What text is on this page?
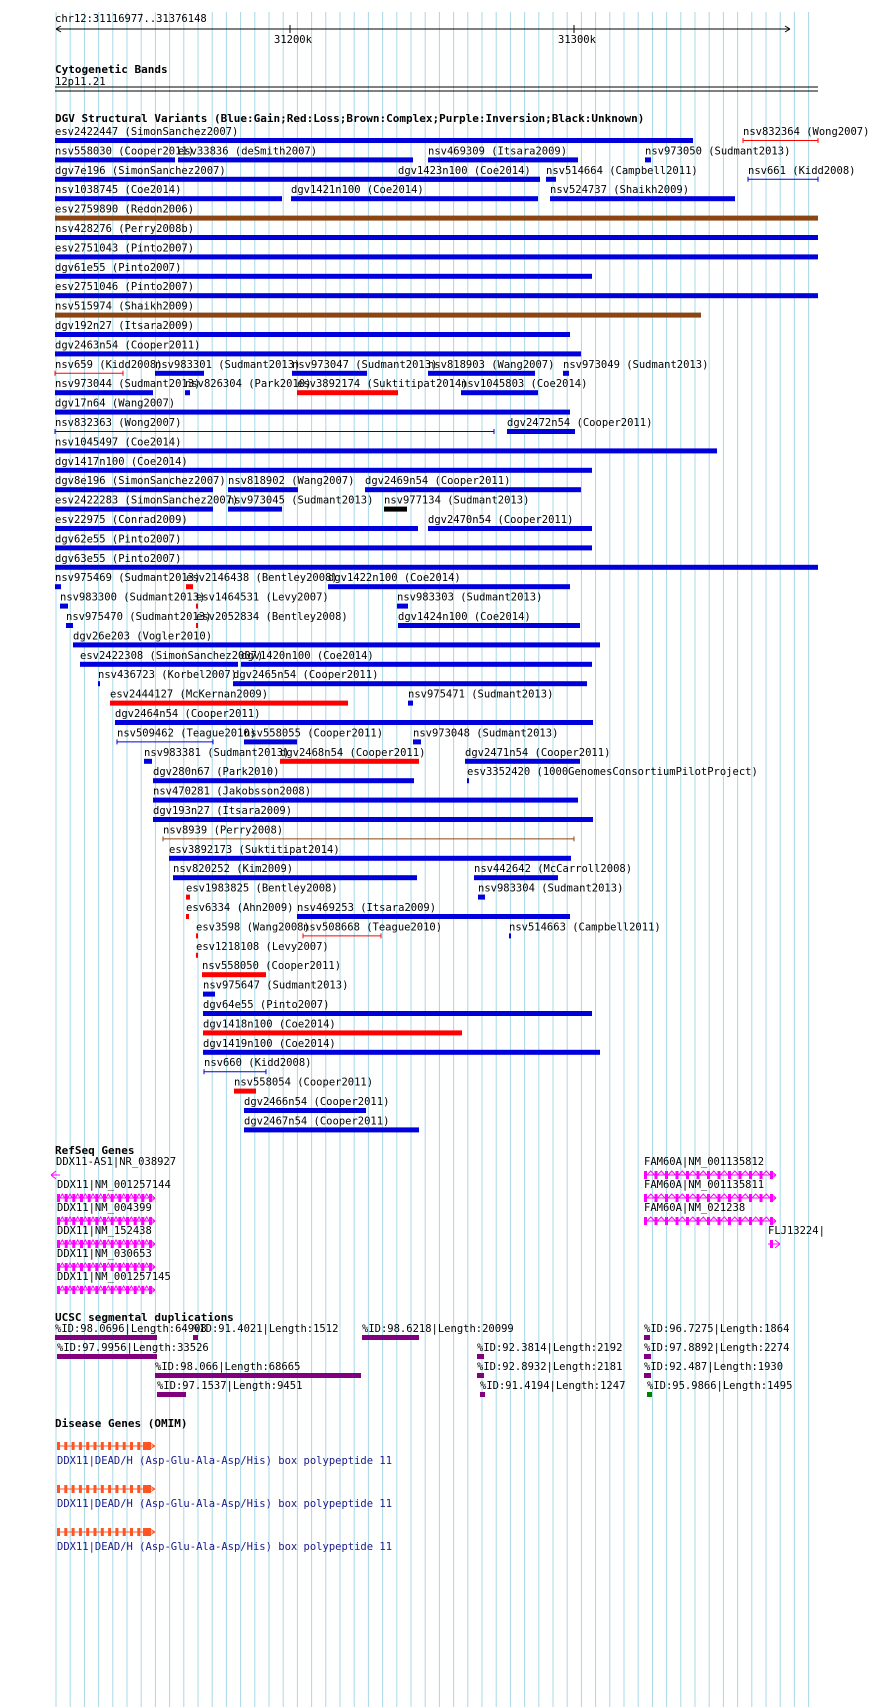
chr12:31116977..31376148
31200k	31300k
Cytogenetic Bands
12p11.21
DGV Structural Variants (Blue:Gain;Red:Loss;Brown:Complex;Purple:Inversion;Black:Unknown)
esv2422447 (SimonSanchez2007)	nsv832364 (Wong2007)
nsv558030 (Cooper2011)
esv33836 (deSmith2007)	nsv469309 (Itsara2009)	nsv973050 (Sudmant2013)
dgv7e196 (SimonSanchez2007)	dgv1423n100 (Coe2014) nsv514664 (Campbell2011)	nsv661 (Kidd2008)
nsv1038745 (Coe2014)	dgv1421n100 (Coe2014)	nsv524737 (Shaikh2009)
esv2759890 (Redon2006)
nsv428276 (Perry2008b)
esv2751043 (Pinto2007)
dgv61e55 (Pinto2007)
esv2751046 (Pinto2007)
nsv515974 (Shaikh2009)
dgv192n27 (Itsara2009)
dgv2463n54 (Cooper2011)
nsv659 (Kidd2008)
nsv983301 (Sudmant2013)
nsv973047 (Sudmant2013)
nsv818903 (Wang2007) nsv973049 (Sudmant2013)
nsv973044 (Sudmant2013)
nsv826304 (Park2010)
esv3892174 (Suktitipat2014)
nsv1045803 (Coe2014)
dgv17n64 (Wang2007)
nsv832363 (Wong2007)	dgv2472n54 (Cooper2011)
nsv1045497 (Coe2014)
dgv1417n100 (Coe2014)
dgv8e196 (SimonSanchez2007) nsv818902 (Wang2007) dgv2469n54 (Cooper2011)
esv2422283 (SimonSanchez2007)
nsv973045 (Sudmant2013) nsv977134 (Sudmant2013)
esv22975 (Conrad2009)	dgv2470n54 (Cooper2011)
dgv62e55 (Pinto2007)
dgv63e55 (Pinto2007)
nsv975469 (Sudmant2013)
esv2146438 (Bentley2008)
dgv1422n100 (Coe2014)
nsv983300 (Sudmant2013)
esv1464531 (Levy2007)	nsv983303 (Sudmant2013)
nsv975470 (Sudmant2013)
esv2052834 (Bentley2008)	dgv1424n100 (Coe2014)
dgv26e203 (Vogler2010)
esv2422308 (SimonSanchez2007)
dgv1420n100 (Coe2014)
nsv436723 (Korbel2007)
dgv2465n54 (Cooper2011)
esv2444127 (McKernan2009)	nsv975471 (Sudmant2013)
dgv2464n54 (Cooper2011)
nsv509462 (Teague2010)
nsv558055 (Cooper2011)	nsv973048 (Sudmant2013)
nsv983381 (Sudmant2013)
dgv2468n54 (Cooper2011)	dgv2471n54 (Cooper2011)
dgv280n67 (Park2010)	esv3352420 (1000GenomesConsortiumPilotProject)
nsv470281 (Jakobsson2008)
dgv193n27 (Itsara2009)
nsv8939 (Perry2008)
esv3892173 (Suktitipat2014)
nsv820252 (Kim2009)	nsv442642 (McCarroll2008)
esv1983825 (Bentley2008)	nsv983304 (Sudmant2013)
esv6334 (Ahn2009) nsv469253 (Itsara2009)
esv3598 (Wang2008)
nsv508668 (Teague2010)	nsv514663 (Campbell2011)
esv1218108 (Levy2007)
nsv558050 (Cooper2011)
nsv975647 (Sudmant2013)
dgv64e55 (Pinto2007)
dgv1418n100 (Coe2014)
dgv1419n100 (Coe2014)
nsv660 (Kidd2008)
nsv558054 (Cooper2011)
dgv2466n54 (Cooper2011)
dgv2467n54 (Cooper2011)
RefSeq Genes
DDX11-AS1|NR_038927
DDX11|NM_001257144
DDX11|NM_004399
DDX11|NM_152438
DDX11|NM_030653
DDX11|NM_001257145
FAM60A|NM_001135812
FAM60A|NM_001135811
FAM60A|NM_021238
FLJ13224|
UCSC segmental duplications
%ID:98.0696|Length:64908
%ID:91.4021|Length:1512 %ID:98.6218|Length:20099	%ID:96.7275|Length:1864
%ID:97.9956|Length:33526	%ID:92.3814|Length:2192 %ID:97.8892|Length:2274
%ID:98.066|Length:68665	%ID:92.8932|Length:2181 %ID:92.487|Length:1930
%ID:97.1537|Length:9451	%ID:91.4194|Length:1247 %ID:95.9866|Length:1495
Disease Genes (OMIM)
DDX11|DEAD/H (Asp-Glu-Ala-Asp/His) box polypeptide 11
DDX11|DEAD/H (Asp-Glu-Ala-Asp/His) box polypeptide 11
DDX11|DEAD/H (Asp-Glu-Ala-Asp/His) box polypeptide 11
